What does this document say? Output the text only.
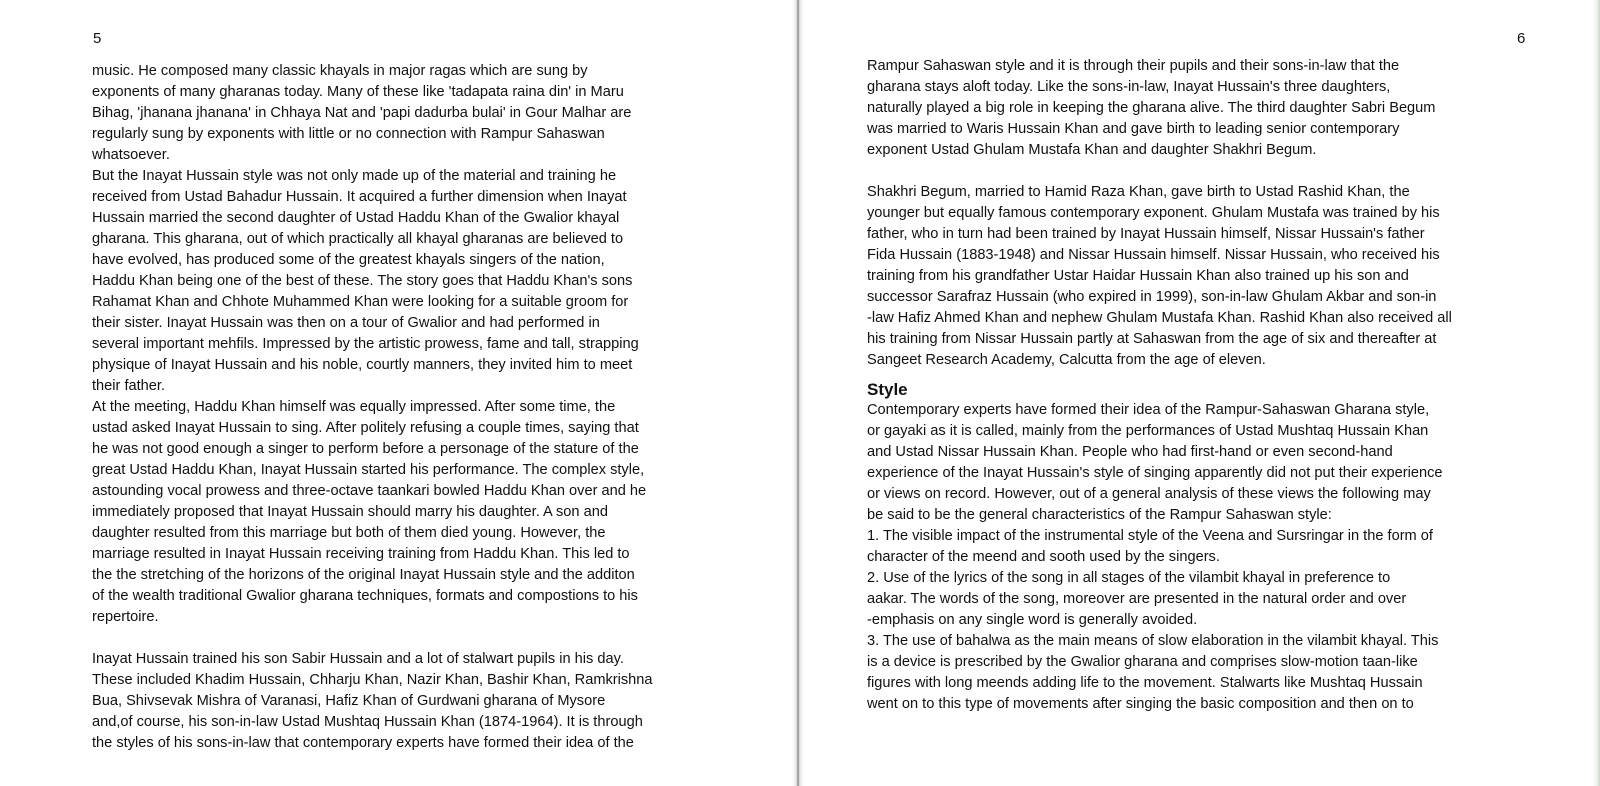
5
music. He composed many classic khayals in major ragas which are sung by
exponents of many gharanas today. Many of these like 'tadapata raina din' in Maru
Bihag, 'jhanana jhanana' in Chhaya Nat and 'papi dadurba bulai' in Gour Malhar are
regularly sung by exponents with little or no connection with Rampur Sahaswan
whatsoever.
But the Inayat Hussain style was not only made up of the material and training he
received from Ustad Bahadur Hussain. It acquired a further dimension when Inayat
Hussain married the second daughter of Ustad Haddu Khan of the Gwalior khayal
gharana. This gharana, out of which practically all khayal gharanas are believed to
have evolved, has produced some of the greatest khayals singers of the nation,
Haddu Khan being one of the best of these. The story goes that Haddu Khan's sons
Rahamat Khan and Chhote Muhammed Khan were looking for a suitable groom for
their sister. Inayat Hussain was then on a tour of Gwalior and had performed in
several important mehfils. Impressed by the artistic prowess, fame and tall, strapping
physique of Inayat Hussain and his noble, courtly manners, they invited him to meet
their father.
At the meeting, Haddu Khan himself was equally impressed. After some time, the
ustad asked Inayat Hussain to sing. After politely refusing a couple times, saying that
he was not good enough a singer to perform before a personage of the stature of the
great Ustad Haddu Khan, Inayat Hussain started his performance. The complex style,
astounding vocal prowess and three-octave taankari bowled Haddu Khan over and he
immediately proposed that Inayat Hussain should marry his daughter. A son and
daughter resulted from this marriage but both of them died young. However, the
marriage resulted in Inayat Hussain receiving training from Haddu Khan. This led to
the the stretching of the horizons of the original Inayat Hussain style and the additon
of the wealth traditional Gwalior gharana techniques, formats and compostions to his
repertoire.
Inayat Hussain trained his son Sabir Hussain and a lot of stalwart pupils in his day.
These included Khadim Hussain, Chharju Khan, Nazir Khan, Bashir Khan, Ramkrishna
Bua, Shivsevak Mishra of Varanasi, Hafiz Khan of Gurdwani gharana of Mysore
and,of course, his son-in-law Ustad Mushtaq Hussain Khan (1874-1964). It is through
the styles of his sons-in-law that contemporary experts have formed their idea of the
6
Rampur Sahaswan style and it is through their pupils and their sons-in-law that the
gharana stays aloft today. Like the sons-in-law, Inayat Hussain's three daughters,
naturally played a big role in keeping the gharana alive. The third daughter Sabri Begum
was married to Waris Hussain Khan and gave birth to leading senior contemporary
exponent Ustad Ghulam Mustafa Khan and daughter Shakhri Begum.
Shakhri Begum, married to Hamid Raza Khan, gave birth to Ustad Rashid Khan, the
younger but equally famous contemporary exponent. Ghulam Mustafa was trained by his
father, who in turn had been trained by Inayat Hussain himself, Nissar Hussain's father
Fida Hussain (1883-1948) and Nissar Hussain himself. Nissar Hussain, who received his
training from his grandfather Ustar Haidar Hussain Khan also trained up his son and
successor Sarafraz Hussain (who expired in 1999), son-in-law Ghulam Akbar and son-in
-law Hafiz Ahmed Khan and nephew Ghulam Mustafa Khan. Rashid Khan also received all
his training from Nissar Hussain partly at Sahaswan from the age of six and thereafter at
Sangeet Research Academy, Calcutta from the age of eleven.
Style
Contemporary experts have formed their idea of the Rampur-Sahaswan Gharana style,
or gayaki as it is called, mainly from the performances of Ustad Mushtaq Hussain Khan
and Ustad Nissar Hussain Khan. People who had first-hand or even second-hand
experience of the Inayat Hussain's style of singing apparently did not put their experience
or views on record. However, out of a general analysis of these views the following may
be said to be the general characteristics of the Rampur Sahaswan style:
1. The visible impact of the instrumental style of the Veena and Sursringar in the form of
character of the meend and sooth used by the singers.
2. Use of the lyrics of the song in all stages of the vilambit khayal in preference to
aakar. The words of the song, moreover are presented in the natural order and over
-emphasis on any single word is generally avoided.
3. The use of bahalwa as the main means of slow elaboration in the vilambit khayal. This
is a device is prescribed by the Gwalior gharana and comprises slow-motion taan-like
figures with long meends adding life to the movement. Stalwarts like Mushtaq Hussain
went on to this type of movements after singing the basic composition and then on to
